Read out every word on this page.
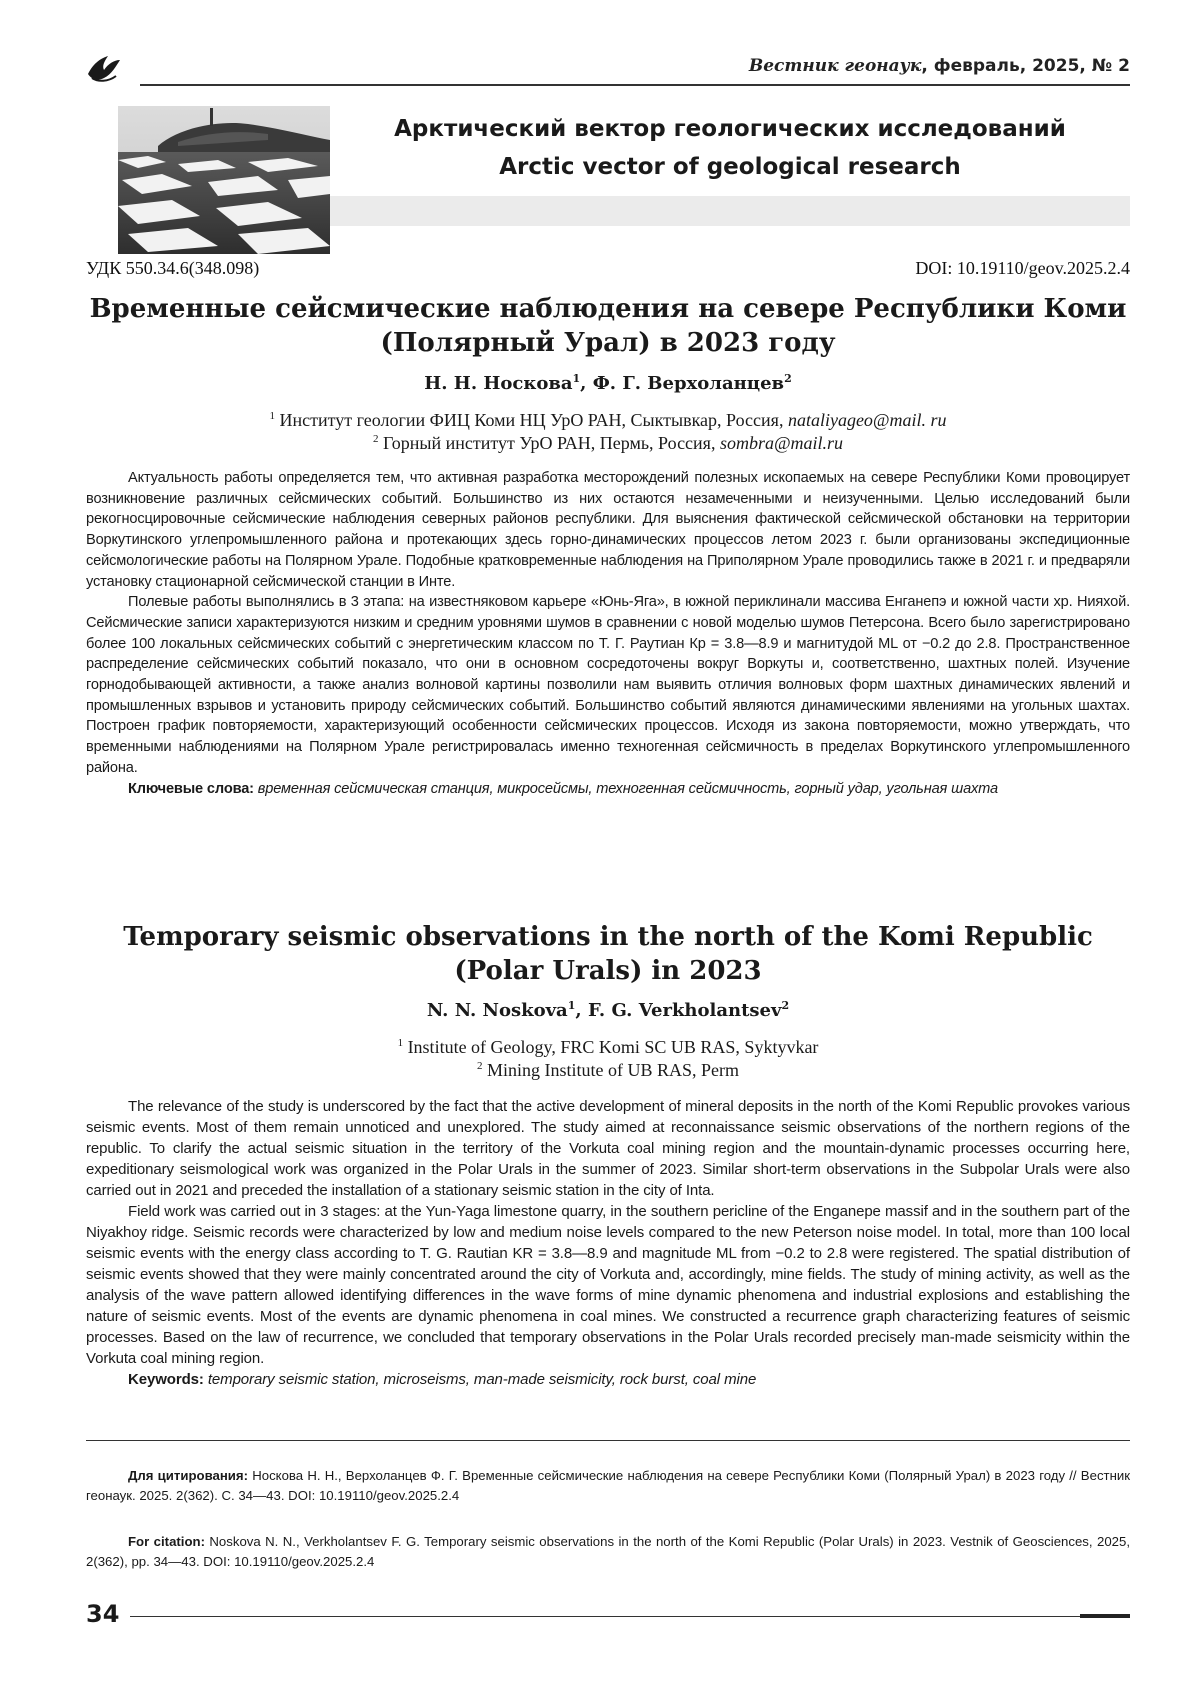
Вестник геонаук, февраль, 2025, № 2
Арктический вектор геологических исследований
Arctic vector of geological research
УДК 550.34.6(348.098)	DOI: 10.19110/geov.2025.2.4
Временные сейсмические наблюдения на севере Республики Коми
(Полярный Урал) в 2023 году
Н. Н. Носкова$^1$, Ф. Г. Верхоланцев$^2$
$^1$ Институт геологии ФИЦ Коми НЦ УрО РАН, Сыктывкар, Россия, nataliyageo@mail. ru
$^2$ Горный институт УрО РАН, Пермь, Россия, sombra@mail.ru

Актуальность работы определяется тем, что активная разработка месторождений полезных ископаемых на севере Республики Коми провоцирует возникновение различных сейсмических событий. Большинство из них остаются незамеченными и неизученными. Целью исследований были рекогносцировочные сейсмические наблюдения северных районов республики. Для выяснения фактической сейсмической обстановки на территории Воркутинского углепромышленного района и протекающих здесь горно-динамических процессов летом 2023 г. были организованы экспедиционные сейсмологические работы на Полярном Урале. Подобные кратковременные наблюдения на Приполярном Урале проводились также в 2021 г. и предваряли установку стационарной сейсмической станции в Инте.

Полевые работы выполнялись в 3 этапа: на известняковом карьере «Юнь-Яга», в южной периклинали массива Енганепэ и южной части хр. Нияхой. Сейсмические записи характеризуются низким и средним уровнями шумов в сравнении с новой моделью шумов Петерсона. Всего было зарегистрировано более 100 локальных сейсмических событий с энергетическим классом по Т. Г. Раутиан Кр = 3.8—8.9 и магнитудой ML от −0.2 до 2.8. Пространственное распределение сейсмических событий показало, что они в основном сосредоточены вокруг Воркуты и, соответственно, шахтных полей. Изучение горнодобывающей активности, а также анализ волновой картины позволили нам выявить отличия волновых форм шахтных динамических явлений и промышленных взрывов и установить природу сейсмических событий. Большинство событий являются динамическими явлениями на угольных шахтах. Построен график повторяемости, характеризующий особенности сейсмических процессов. Исходя из закона повторяемости, можно утверждать, что временными наблюдениями на Полярном Урале регистрировалась именно техногенная сейсмичность в пределах Воркутинского углепромышленного района.

Ключевые слова: временная сейсмическая станция, микросейсмы, техногенная сейсмичность, горный удар, угольная шахта

Temporary seismic observations in the north of the Komi Republic
(Polar Urals) in 2023
N. N. Noskova$^1$, F. G. Verkholantsev$^2$
$^1$ Institute of Geology, FRC Komi SC UB RAS, Syktyvkar
$^2$ Mining Institute of UB RAS, Perm

The relevance of the study is underscored by the fact that the active development of mineral deposits in the north of the Komi Republic provokes various seismic events. Most of them remain unnoticed and unexplored. The study aimed at reconnaissance seismic observations of the northern regions of the republic. To clarify the actual seismic situation in the territory of the Vorkuta coal mining region and the mountain-dynamic processes occurring here, expeditionary seismological work was organized in the Polar Urals in the summer of 2023. Similar short-term observations in the Subpolar Urals were also carried out in 2021 and preceded the installation of a stationary seismic station in the city of Inta.

Field work was carried out in 3 stages: at the Yun-Yaga limestone quarry, in the southern pericline of the Enganepe massif and in the southern part of the Niyakhoy ridge. Seismic records were characterized by low and medium noise levels compared to the new Peterson noise model. In total, more than 100 local seismic events with the energy class according to T. G. Rautian KR = 3.8—8.9 and magnitude ML from −0.2 to 2.8 were registered. The spatial distribution of seismic events showed that they were mainly concentrated around the city of Vorkuta and, accordingly, mine fields. The study of mining activity, as well as the analysis of the wave pattern allowed identifying differences in the wave forms of mine dynamic phenomena and industrial explosions and establishing the nature of seismic events. Most of the events are dynamic phenomena in coal mines. We constructed a recurrence graph characterizing features of seismic processes. Based on the law of recurrence, we concluded that temporary observations in the Polar Urals recorded precisely man-made seismicity within the Vorkuta coal mining region.

Keywords: temporary seismic station, microseisms, man-made seismicity, rock burst, coal mine

Для цитирования: Носкова Н. Н., Верхоланцев Ф. Г. Временные сейсмические наблюдения на севере Республики Коми (Полярный Урал) в 2023 году // Вестник геонаук. 2025. 2(362). С. 34—43. DOI: 10.19110/geov.2025.2.4
For citation: Noskova N. N., Verkholantsev F. G. Temporary seismic observations in the north of the Komi Republic (Polar Urals) in 2023. Vestnik of Geosciences, 2025, 2(362), pp. 34—43. DOI: 10.19110/geov.2025.2.4
34
